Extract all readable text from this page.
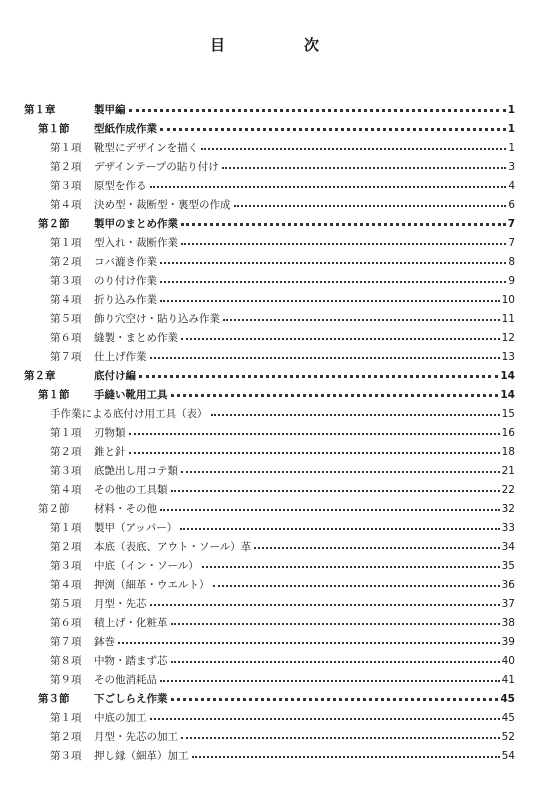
目	次
第１章	製甲編	1
第１節	型紙作成作業	1
第１項	靴型にデザインを描く	1
第２項	デザインテープの貼り付け	3
第３項	原型を作る	4
第４項	決め型・裁断型・裏型の作成	6
第２節	製甲のまとめ作業	7
第１項	型入れ・裁断作業	7
第２項	コバ漉き作業	8
第３項	のり付け作業	9
第４項	折り込み作業	10
第５項	飾り穴空け・貼り込み作業	11
第６項	縫製・まとめ作業	12
第７項	仕上げ作業	13
第２章	底付け編	14
第１節	手縫い靴用工具	14
手作業による底付け用工具（表）	15
第１項	刃物類	16
第２項	錐と針	18
第３項	底艶出し用コテ類	21
第４項	その他の工具類	22
第２節	材料・その他	32
第１項	製甲（アッパー）	33
第２項	本底（表底、アウト・ソール）革	34
第３項	中底（イン・ソール）	35
第４項	押渕（細革・ウエルト）	36
第５項	月型・先芯	37
第６項	積上げ・化粧革	38
第７項	鉢巻	39
第８項	中物・踏まず芯	40
第９項	その他消耗品	41
第３節	下ごしらえ作業	45
第１項	中底の加工	45
第２項	月型・先芯の加工	52
第３項	押し縁（細革）加工	54
